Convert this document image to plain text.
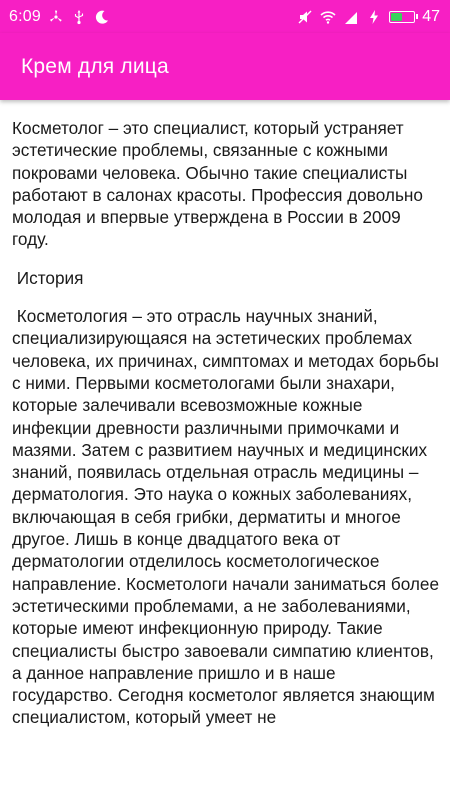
6:09	47
Крем для лица

Косметолог – это специалист, который устраняет эстетические проблемы, связанные с кожными покровами человека. Обычно такие специалисты работают в салонах красоты. Профессия довольно молодая и впервые утверждена в России в 2009 году.

История

Косметология – это отрасль научных знаний, специализирующаяся на эстетических проблемах человека, их причинах, симптомах и методах борьбы с ними. Первыми косметологами были знахари, которые залечивали всевозможные кожные инфекции древности различными примочками и мазями. Затем с развитием научных и медицинских знаний, появилась отдельная отрасль медицины – дерматология. Это наука о кожных заболеваниях, включающая в себя грибки, дерматиты и многое другое. Лишь в конце двадцатого века от дерматологии отделилось косметологическое направление. Косметологи начали заниматься более эстетическими проблемами, а не заболеваниями, которые имеют инфекционную природу. Такие специалисты быстро завоевали симпатию клиентов, а данное направление пришло и в наше государство. Сегодня косметолог является знающим специалистом, который умеет не
